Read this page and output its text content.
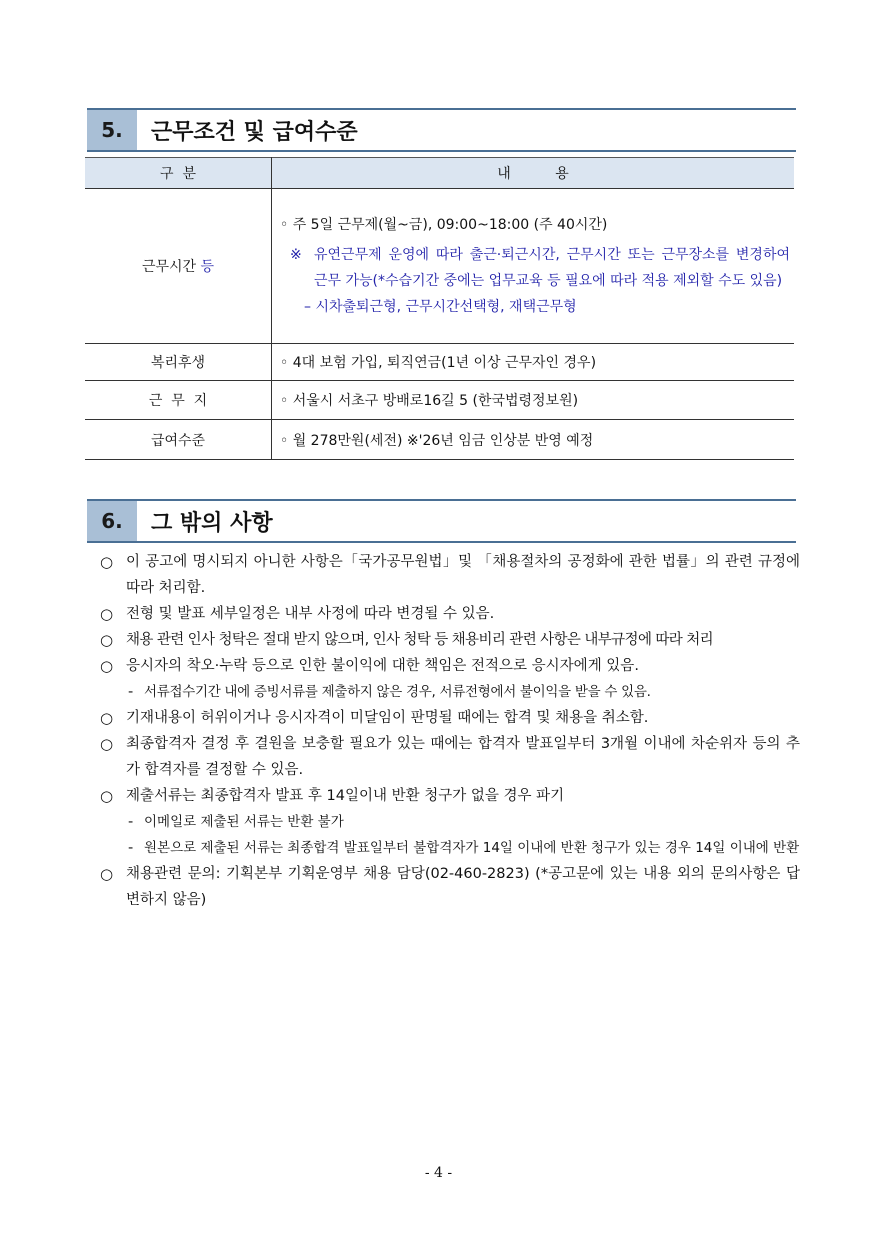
5.	근무조건 및 급여수준
구  분	내          용
근무시간 등	◦ 주 5일 근무제(월~금), 09:00~18:00 (주 40시간)
※ 유연근무제 운영에 따라 출근·퇴근시간, 근무시간 또는 근무장소를 변경하여 근무 가능(*수습기간 중에는 업무교육 등 필요에 따라 적용 제외할 수도 있음)
– 시차출퇴근형, 근무시간선택형, 재택근무형

복리후생	◦ 4대 보험 가입, 퇴직연금(1년 이상 근무자인 경우)
근  무  지	◦ 서울시 서초구 방배로16길 5 (한국법령정보원)
급여수준	◦ 월 278만원(세전) ※'26년 임금 인상분 반영 예정
6.	그 밖의 사항
○ 이 공고에 명시되지 아니한 사항은「국가공무원법」및 「채용절차의 공정화에 관한 법률」의 관련 규정에 따라 처리함.
○ 전형 및 발표 세부일정은 내부 사정에 따라 변경될 수 있음.
○ 채용 관련 인사 청탁은 절대 받지 않으며, 인사 청탁 등 채용비리 관련 사항은 내부규정에 따라 처리
○ 응시자의 착오·누락 등으로 인한 불이익에 대한 책임은 전적으로 응시자에게 있음.
- 서류접수기간 내에 증빙서류를 제출하지 않은 경우, 서류전형에서 불이익을 받을 수 있음.
○ 기재내용이 허위이거나 응시자격이 미달임이 판명될 때에는 합격 및 채용을 취소함.
○ 최종합격자 결정 후 결원을 보충할 필요가 있는 때에는 합격자 발표일부터 3개월 이내에 차순위자 등의 추가 합격자를 결정할 수 있음.
○ 제출서류는 최종합격자 발표 후 14일이내 반환 청구가 없을 경우 파기
- 이메일로 제출된 서류는 반환 불가
- 원본으로 제출된 서류는 최종합격 발표일부터 불합격자가 14일 이내에 반환 청구가 있는 경우 14일 이내에 반환
○ 채용관련 문의: 기획본부 기획운영부 채용 담당(02-460-2823) (*공고문에 있는 내용 외의 문의사항은 답변하지 않음)
- 4 -
